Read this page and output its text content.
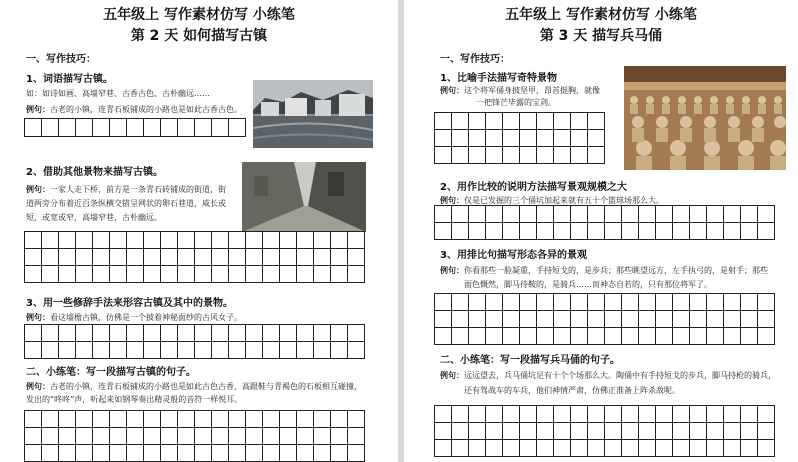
五年级上 写作素材仿写 小练笔
第 2 天 如何描写古镇
一、写作技巧：
1、词语描写古镇。
如：如诗如画、高墙窄巷、古香古色、古朴幽远……
例句：古老的小镇，连青石板铺成的小路也是如此古香古色。
2、借助其他景物来描写古镇。
例句：一家人走下桥，前方是一条青石砖铺成的街道，街
道两旁分布着近百条纵横交错呈网状的卵石巷道，威长或
短，或宽或窄，高墙窄巷，古朴幽远。
3、用一些修辞手法来形容古镇及其中的景物。
例句：看这墙檐古镇，仿佛是一个披着神秘面纱的古风女子。
二、小练笔：写一段描写古镇的句子。
例句：古老的小镇，连青石板铺成的小路也是如此古色古香，高跟鞋与青褐色的石板相互碰撞，
发出的“咚咚”声，听起来如钢琴奏出精灵般的音符一样悦耳。
五年级上 写作素材仿写 小练笔
第 3 天 描写兵马俑
一、写作技巧：
1、比喻手法描写奇特景物
例句：这个将军俑身披坚甲，昂首挺胸，就像
一把锋芒毕露的宝剑。
2、用作比较的说明方法描写景观规模之大
例句：仅是已发掘的三个俑坑加起来就有五十个篮球场那么大。
3、用排比句描写形态各异的景观
例句：你看那些一脸凝重，手持短戈的，是步兵；那些眺望远方，左手执弓的，是射手；那些
面色慨然，脚马待鞍的，是骑兵……而神态自若的，只有那位将军了。
二、小练笔：写一段描写兵马俑的句子。
例句：远远望去，兵马俑坑足有十个个场那么大。陶俑中有手持短戈的步兵，脚马持枪的骑兵，
还有驾战车的车兵，他们神情严肃，仿佛正准备上阵杀敌呢。
